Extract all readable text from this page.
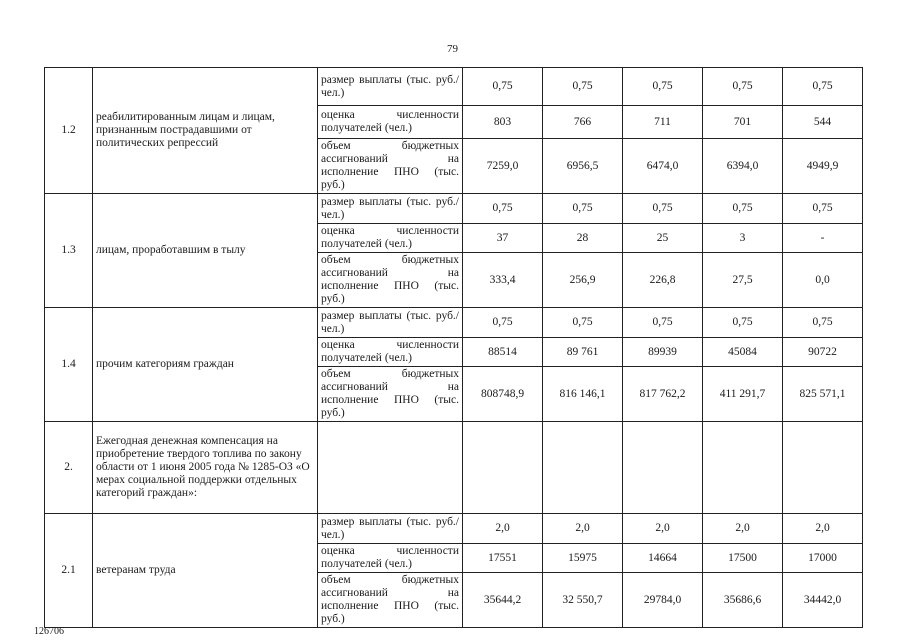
79
1.2	реабилитированным лицам и лицам, признанным пострадавшими от политических репрессий	размер выплаты (тыс. руб./чел.)	0,75	0,75	0,75	0,75	0,75
		оценка численности получателей (чел.)	803	766	711	701	544
		объем бюджетных ассигнований на исполнение ПНО (тыс. руб.)	7259,0	6956,5	6474,0	6394,0	4949,9
1.3	лицам, проработавшим в тылу	размер выплаты (тыс. руб./чел.)	0,75	0,75	0,75	0,75	0,75
		оценка численности получателей (чел.)	37	28	25	3	-
		объем бюджетных ассигнований на исполнение ПНО (тыс. руб.)	333,4	256,9	226,8	27,5	0,0
1.4	прочим категориям граждан	размер выплаты (тыс. руб./чел.)	0,75	0,75	0,75	0,75	0,75
		оценка численности получателей (чел.)	88514	89 761	89939	45084	90722
		объем бюджетных ассигнований на исполнение ПНО (тыс. руб.)	808748,9	816 146,1	817 762,2	411 291,7	825 571,1
2.	Ежегодная денежная компенсация на приобретение твердого топлива по закону области от 1 июня 2005 года № 1285-ОЗ «О мерах социальной поддержки отдельных категорий граждан»:						
2.1	ветеранам труда	размер выплаты (тыс. руб./чел.)	2,0	2,0	2,0	2,0	2,0
		оценка численности получателей (чел.)	17551	15975	14664	17500	17000
		объем бюджетных ассигнований на исполнение ПНО (тыс. руб.)	35644,2	32 550,7	29784,0	35686,6	34442,0
126706
